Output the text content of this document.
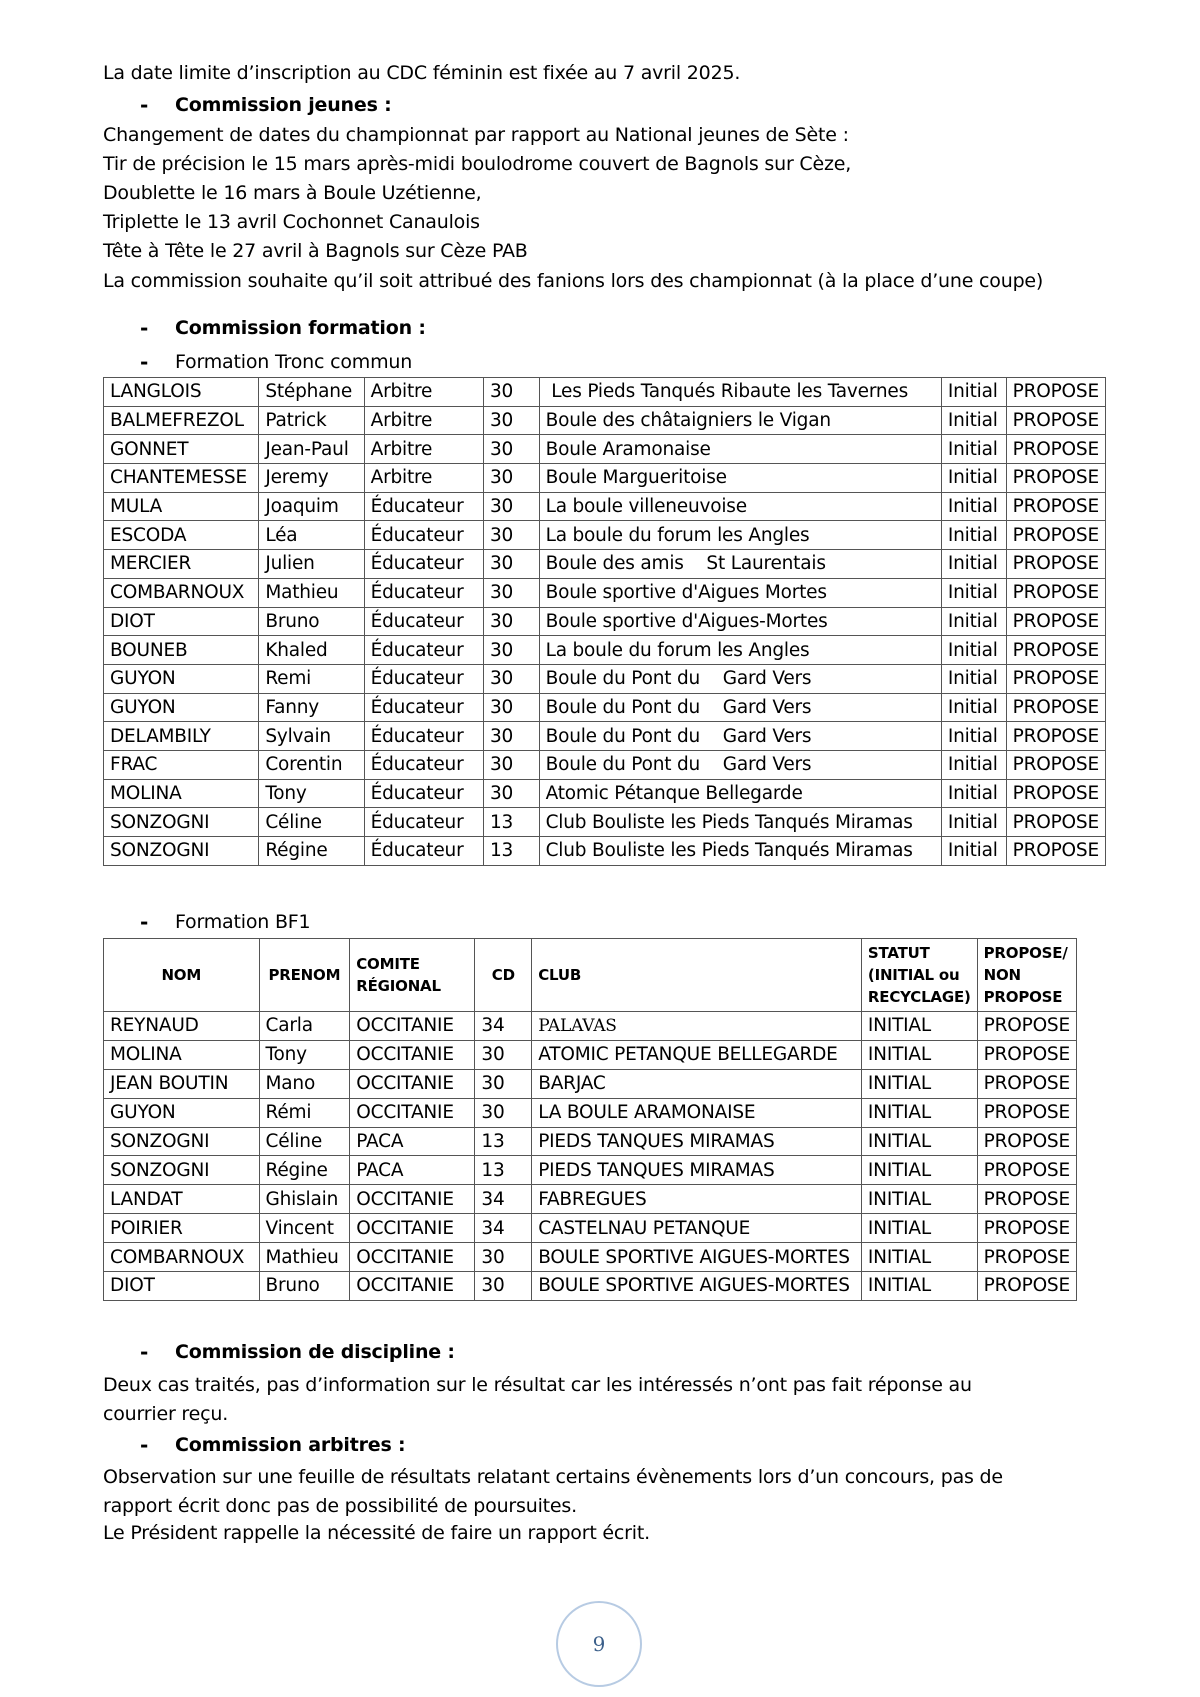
La date limite d’inscription au CDC féminin est fixée au 7 avril 2025.
- Commission jeunes :
Changement de dates du championnat par rapport au National jeunes de Sète :
Tir de précision le 15 mars après-midi boulodrome couvert de Bagnols sur Cèze,
Doublette le 16 mars à Boule Uzétienne,
Triplette le 13 avril Cochonnet Canaulois
Tête à Tête le 27 avril à Bagnols sur Cèze PAB
La commission souhaite qu’il soit attribué des fanions lors des championnat (à la place d’une coupe)
- Commission formation :
- Formation Tronc commun
LANGLOIS	Stéphane	Arbitre	30	Les Pieds Tanqués Ribaute les Tavernes	Initial	PROPOSE
BALMEFREZOL	Patrick	Arbitre	30	Boule des châtaigniers le Vigan	Initial	PROPOSE
GONNET	Jean-Paul	Arbitre	30	Boule Aramonaise	Initial	PROPOSE
CHANTEMESSE	Jeremy	Arbitre	30	Boule Margueritoise	Initial	PROPOSE
MULA	Joaquim	Éducateur	30	La boule villeneuvoise	Initial	PROPOSE
ESCODA	Léa	Éducateur	30	La boule du forum les Angles	Initial	PROPOSE
MERCIER	Julien	Éducateur	30	Boule des amis    St Laurentais	Initial	PROPOSE
COMBARNOUX	Mathieu	Éducateur	30	Boule sportive d'Aigues Mortes	Initial	PROPOSE
DIOT	Bruno	Éducateur	30	Boule sportive d'Aigues-Mortes	Initial	PROPOSE
BOUNEB	Khaled	Éducateur	30	La boule du forum les Angles	Initial	PROPOSE
GUYON	Remi	Éducateur	30	Boule du Pont du    Gard Vers	Initial	PROPOSE
GUYON	Fanny	Éducateur	30	Boule du Pont du    Gard Vers	Initial	PROPOSE
DELAMBILY	Sylvain	Éducateur	30	Boule du Pont du    Gard Vers	Initial	PROPOSE
FRAC	Corentin	Éducateur	30	Boule du Pont du    Gard Vers	Initial	PROPOSE
MOLINA	Tony	Éducateur	30	Atomic Pétanque Bellegarde	Initial	PROPOSE
SONZOGNI	Céline	Éducateur	13	Club Bouliste les Pieds Tanqués Miramas	Initial	PROPOSE
SONZOGNI	Régine	Éducateur	13	Club Bouliste les Pieds Tanqués Miramas	Initial	PROPOSE
- Formation BF1
NOM	PRENOM	COMITE RÉGIONAL	CD	CLUB	STATUT (INITIAL ou RECYCLAGE)	PROPOSE/ NON PROPOSE
REYNAUD	Carla	OCCITANIE	34	PALAVAS	INITIAL	PROPOSE
MOLINA	Tony	OCCITANIE	30	ATOMIC PETANQUE BELLEGARDE	INITIAL	PROPOSE
JEAN BOUTIN	Mano	OCCITANIE	30	BARJAC	INITIAL	PROPOSE
GUYON	Rémi	OCCITANIE	30	LA BOULE ARAMONAISE	INITIAL	PROPOSE
SONZOGNI	Céline	PACA	13	PIEDS TANQUES MIRAMAS	INITIAL	PROPOSE
SONZOGNI	Régine	PACA	13	PIEDS TANQUES MIRAMAS	INITIAL	PROPOSE
LANDAT	Ghislain	OCCITANIE	34	FABREGUES	INITIAL	PROPOSE
POIRIER	Vincent	OCCITANIE	34	CASTELNAU PETANQUE	INITIAL	PROPOSE
COMBARNOUX	Mathieu	OCCITANIE	30	BOULE SPORTIVE AIGUES-MORTES	INITIAL	PROPOSE
DIOT	Bruno	OCCITANIE	30	BOULE SPORTIVE AIGUES-MORTES	INITIAL	PROPOSE
- Commission de discipline :
Deux cas traités, pas d’information sur le résultat car les intéressés n’ont pas fait réponse au courrier reçu.
- Commission arbitres :
Observation sur une feuille de résultats relatant certains évènements lors d’un concours, pas de rapport écrit donc pas de possibilité de poursuites.
Le Président rappelle la nécessité de faire un rapport écrit.
9
